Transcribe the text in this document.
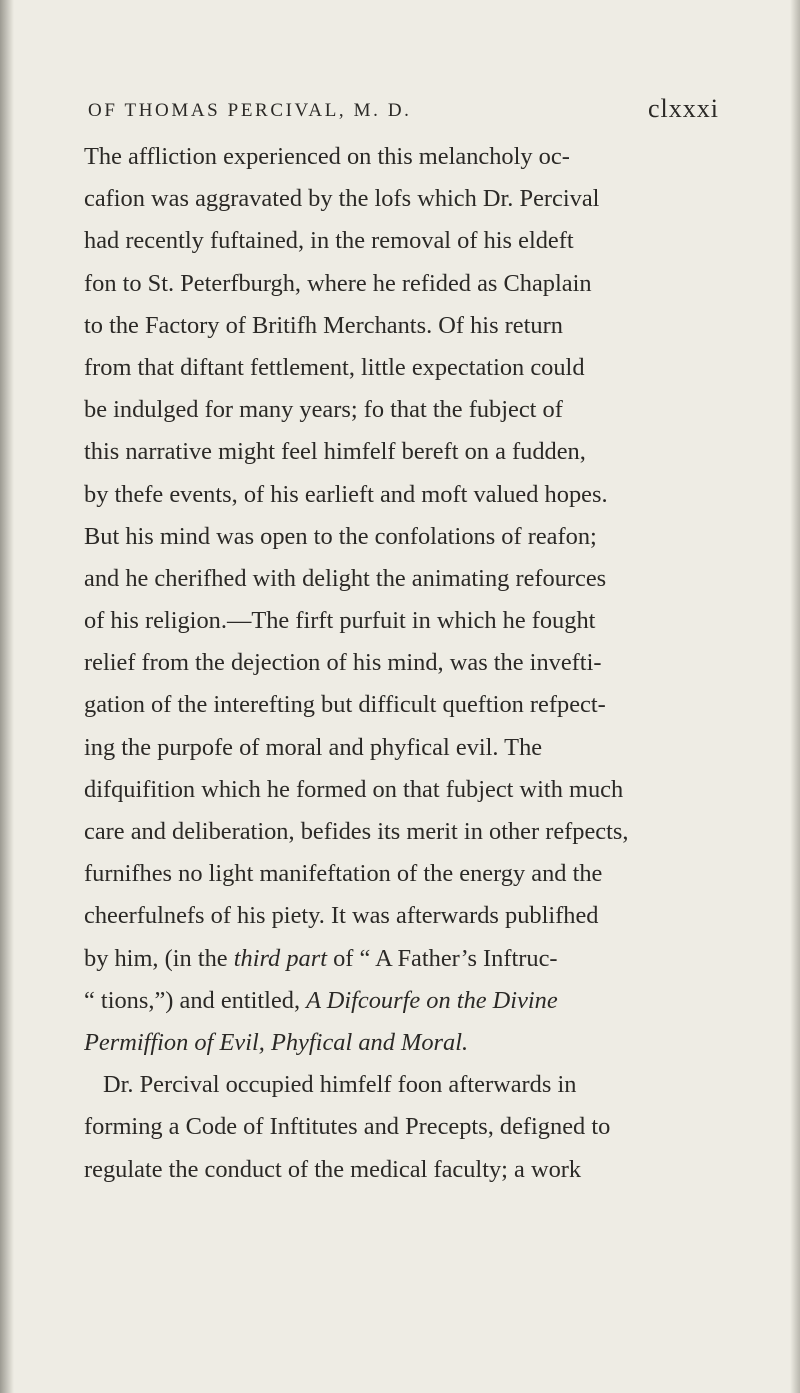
OF THOMAS PERCIVAL, M. D.	clxxxi
The affliction experienced on this melancholy oc-
cafion was aggravated by the lofs which Dr. Percival
had recently fuftained, in the removal of his eldeft
fon to St. Peterfburgh, where he refided as Chaplain
to the Factory of Britifh Merchants. Of his return
from that diftant fettlement, little expectation could
be indulged for many years; fo that the fubject of
this narrative might feel himfelf bereft on a fudden,
by thefe events, of his earlieft and moft valued hopes.
But his mind was open to the confolations of reafon;
and he cherifhed with delight the animating refources
of his religion.—The firft purfuit in which he fought
relief from the dejection of his mind, was the invefti-
gation of the interefting but difficult queftion refpect-
ing the purpofe of moral and phyfical evil. The
difquifition which he formed on that fubject with much
care and deliberation, befides its merit in other refpects,
furnifhes no light manifeftation of the energy and the
cheerfulnefs of his piety. It was afterwards publifhed
by him, (in the third part of “ A Father’s Inftruc-
“ tions,”) and entitled, A Difcourfe on the Divine
Permiffion of Evil, Phyfical and Moral.
Dr. Percival occupied himfelf foon afterwards in
forming a Code of Inftitutes and Precepts, defigned to
regulate the conduct of the medical faculty; a work
